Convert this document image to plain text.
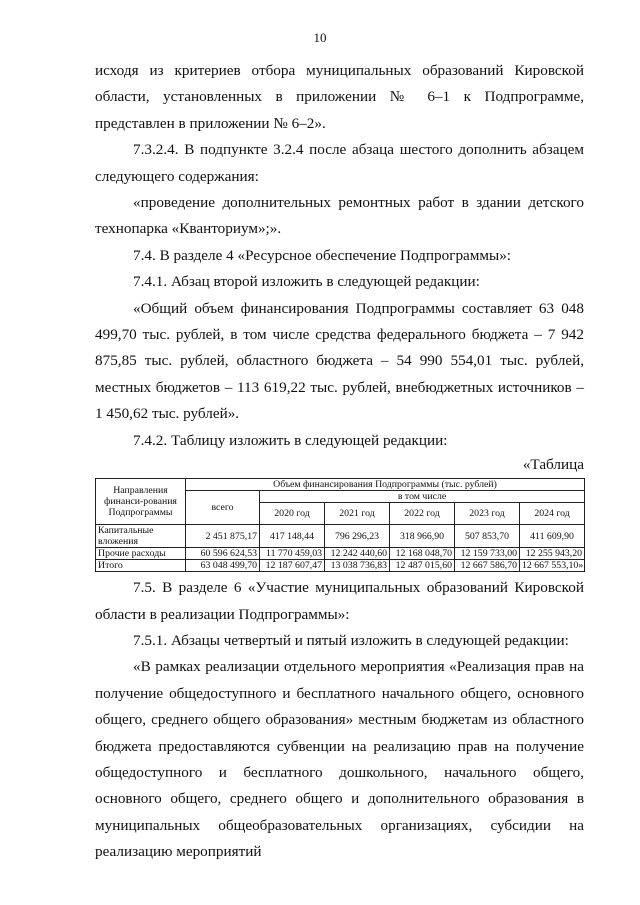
10

исходя из критериев отбора муниципальных образований Кировской области, установленных в приложении № 6–1 к Подпрограмме, представлен в приложении № 6–2».

7.3.2.4. В подпункте 3.2.4 после абзаца шестого дополнить абзацем следующего содержания:

«проведение дополнительных ремонтных работ в здании детского технопарка «Кванториум»;».

7.4. В разделе 4 «Ресурсное обеспечение Подпрограммы»:

7.4.1. Абзац второй изложить в следующей редакции:

«Общий объем финансирования Подпрограммы составляет 63 048 499,70 тыс. рублей, в том числе средства федерального бюджета – 7 942 875,85 тыс. рублей, областного бюджета – 54 990 554,01 тыс. рублей, местных бюджетов – 113 619,22 тыс. рублей, внебюджетных источников – 1 450,62 тыс. рублей».

7.4.2. Таблицу изложить в следующей редакции:

«Таблица

Направления финанси-рования Подпрограммы	Объем финансирования Подпрограммы (тыс. рублей)					
	всего	в том числе				
		2020 год	2021 год	2022 год	2023 год	2024 год
Капитальные вложения	2 451 875,17	417 148,44	796 296,23	318 966,90	507 853,70	411 609,90
Прочие расходы	60 596 624,53	11 770 459,03	12 242 440,60	12 168 048,70	12 159 733,00	12 255 943,20
Итого	63 048 499,70	12 187 607,47	13 038 736,83	12 487 015,60	12 667 586,70	12 667 553,10».

7.5. В разделе 6 «Участие муниципальных образований Кировской области в реализации Подпрограммы»:

7.5.1. Абзацы четвертый и пятый изложить в следующей редакции:

«В рамках реализации отдельного мероприятия «Реализация прав на получение общедоступного и бесплатного начального общего, основного общего, среднего общего образования» местным бюджетам из областного бюджета предоставляются субвенции на реализацию прав на получение общедоступного и бесплатного дошкольного, начального общего, основного общего, среднего общего и дополнительного образования в муниципальных общеобразовательных организациях, субсидии на реализацию мероприятий
